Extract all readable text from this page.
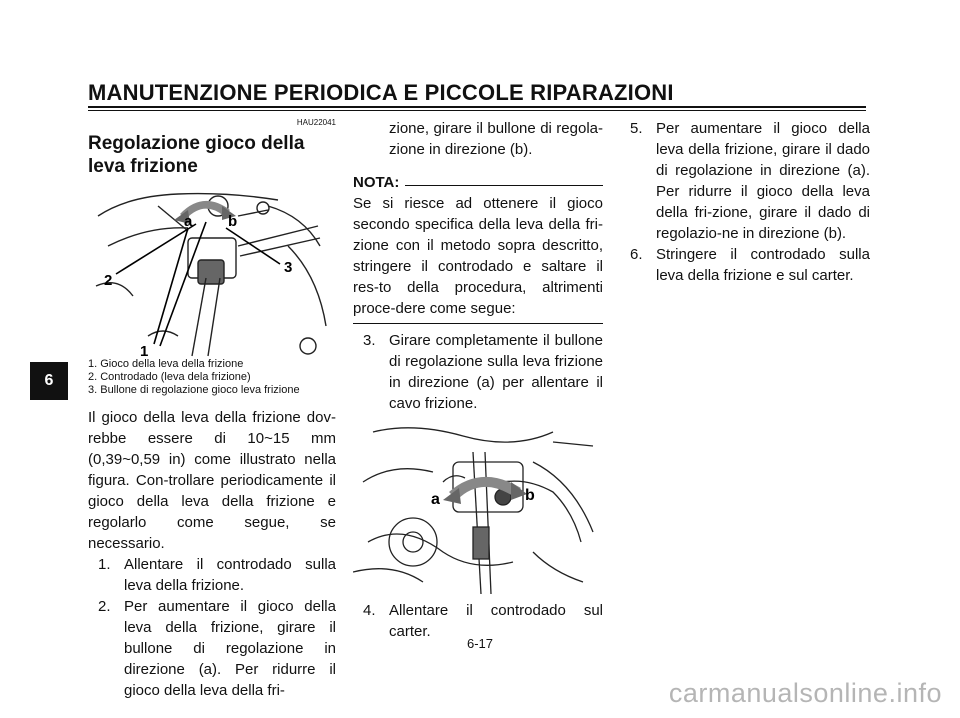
MANUTENZIONE PERIODICA E PICCOLE RIPARAZIONI
6

HAU22041

Regolazione gioco della leva frizione
a b
2
3
1

1. Gioco della leva della frizione

2. Controdado (leva dela frizione)

3. Bullone di regolazione gioco leva frizione

Il gioco della leva della frizione dov-rebbe essere di 10~15 mm (0,39~0,59 in) come illustrato nella figura. Con-trollare periodicamente il gioco della leva della frizione e regolarlo come segue, se necessario.

1. Allentare il controdado sulla leva della frizione.
2. Per aumentare il gioco della leva della frizione, girare il bullone di regolazione in direzione (a). Per ridurre il gioco della leva della fri-
zione, girare il bullone di regola-zione in direzione (b).
NOTA:

Se si riesce ad ottenere il gioco secondo specifica della leva della fri-zione con il metodo sopra descritto, stringere il controdado e saltare il res-to della procedura, altrimenti proce-dere come segue:

3. Girare completamente il bullone di regolazione sulla leva frizione in direzione (a) per allentare il cavo frizione.
a	b
4. Allentare il controdado sul carter.
5. Per aumentare il gioco della leva della frizione, girare il dado di regolazione in direzione (a). Per ridurre il gioco della leva della fri-zione, girare il dado di regolazio-ne in direzione (b).
6. Stringere il controdado sulla leva della frizione e sul carter.
6-17
carmanualsonline.info
